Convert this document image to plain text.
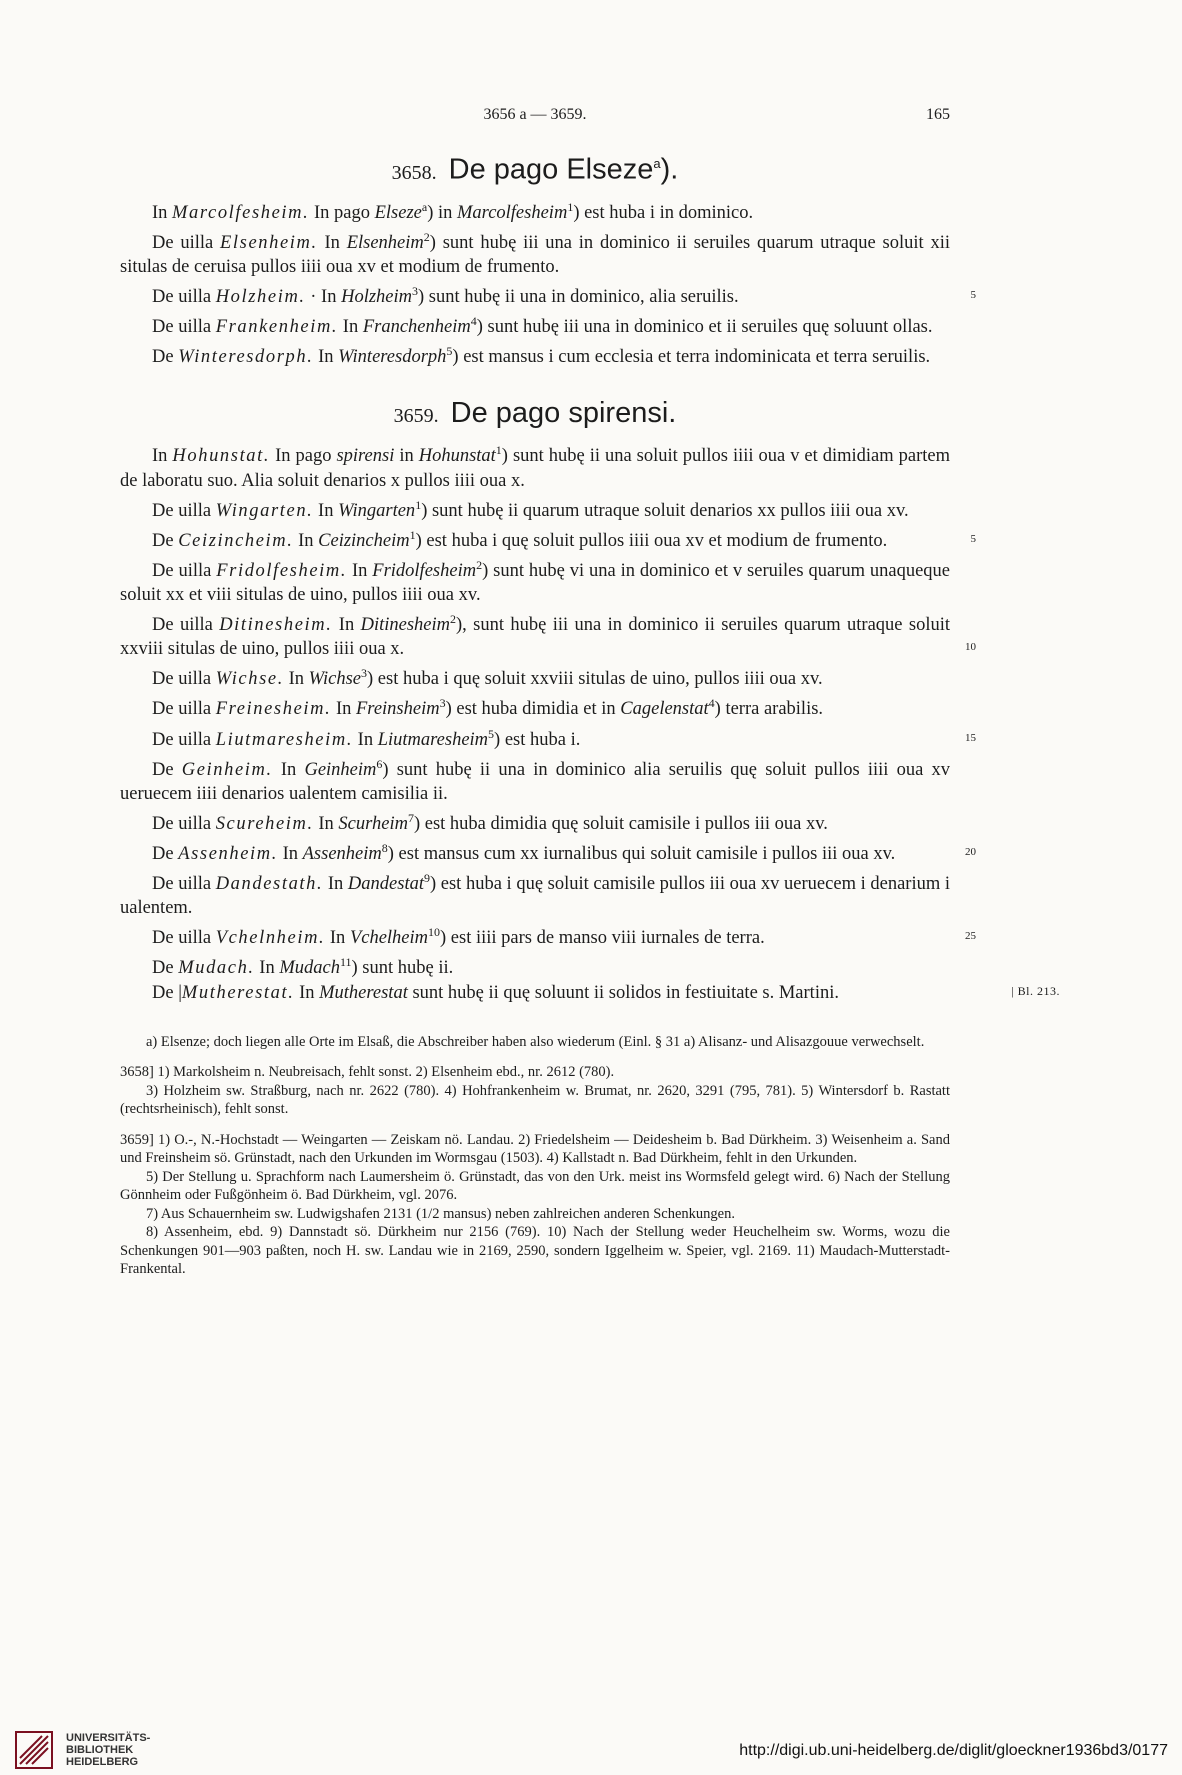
3656 a — 3659.	165
3658. De pago Elseze$^a$).

In Marcolfesheim. In pago Elseze$^a$) in Marcolfesheim$^1$) est huba i in dominico.

De uilla Elsenheim. In Elsenheim$^2$) sunt hubę iii una in dominico ii seruiles quarum utraque soluit xii situlas de ceruisa pullos iiii oua xv et modium de frumento.

De uilla Holzheim. · In Holzheim$^3$) sunt hubę ii una in dominico, alia seruilis.	5

De uilla Frankenheim. In Franchenheim$^4$) sunt hubę iii una in dominico et ii seruiles quę soluunt ollas.

De Winteresdorph. In Winteresdorph$^5$) est mansus i cum ecclesia et terra indominicata et terra seruilis.

3659. De pago spirensi.

In Hohunstat. In pago spirensi in Hohunstat$^1$) sunt hubę ii una soluit pullos iiii oua v et dimidiam partem de laboratu suo. Alia soluit denarios x pullos iiii oua x.

De uilla Wingarten. In Wingarten$^1$) sunt hubę ii quarum utraque soluit denarios xx pullos iiii oua xv.

De Ceizincheim. In Ceizincheim$^1$) est huba i quę soluit pullos iiii oua xv et modium de frumento.	5

De uilla Fridolfesheim. In Fridolfesheim$^2$) sunt hubę vi una in dominico et v seruiles quarum unaqueque soluit xx et viii situlas de uino, pullos iiii oua xv.

De uilla Ditinesheim. In Ditinesheim$^2$), sunt hubę iii una in dominico ii seruiles quarum utraque soluit xxviii situlas de uino, pullos iiii oua x.	10

De uilla Wichse. In Wichse$^3$) est huba i quę soluit xxviii situlas de uino, pullos iiii oua xv.

De uilla Freinesheim. In Freinsheim$^3$) est huba dimidia et in Cagelenstat$^4$) terra arabilis.

De uilla Liutmaresheim. In Liutmaresheim$^5$) est huba i.	15

De Geinheim. In Geinheim$^6$) sunt hubę ii una in dominico alia seruilis quę soluit pullos iiii oua xv ueruecem iiii denarios ualentem camisilia ii.

De uilla Scureheim. In Scurheim$^7$) est huba dimidia quę soluit camisile i pullos iii oua xv.

De Assenheim. In Assenheim$^8$) est mansus cum xx iurnalibus qui soluit camisile i pullos iii oua xv.	20

De uilla Dandestath. In Dandestat$^9$) est huba i quę soluit camisile pullos iii oua xv ueruecem i denarium i ualentem.

De uilla Vchelnheim. In Vchelheim$^{10}$) est iiii pars de manso viii iurnales de terra.	25

De Mudach. In Mudach$^{11}$) sunt hubę ii.

De |Mutherestat. In Mutherestat sunt hubę ii quę soluunt ii solidos in festiuitate s. Martini.	| Bl. 213.

a) Elsenze; doch liegen alle Orte im Elsaß, die Abschreiber haben also wiederum (Einl. § 31 a) Alisanz- und Alisazgouue verwechselt.

3658] 1) Markolsheim n. Neubreisach, fehlt sonst. 2) Elsenheim ebd., nr. 2612 (780).

3) Holzheim sw. Straßburg, nach nr. 2622 (780). 4) Hohfrankenheim w. Brumat, nr. 2620, 3291 (795, 781). 5) Wintersdorf b. Rastatt (rechtsrheinisch), fehlt sonst.

3659] 1) O.-, N.-Hochstadt — Weingarten — Zeiskam nö. Landau. 2) Friedelsheim — Deidesheim b. Bad Dürkheim. 3) Weisenheim a. Sand und Freinsheim sö. Grünstadt, nach den Urkunden im Wormsgau (1503). 4) Kallstadt n. Bad Dürkheim, fehlt in den Urkunden.

5) Der Stellung u. Sprachform nach Laumersheim ö. Grünstadt, das von den Urk. meist ins Wormsfeld gelegt wird. 6) Nach der Stellung Gönnheim oder Fußgönheim ö. Bad Dürkheim, vgl. 2076.

7) Aus Schauernheim sw. Ludwigshafen 2131 (1/2 mansus) neben zahlreichen anderen Schenkungen.

8) Assenheim, ebd. 9) Dannstadt sö. Dürkheim nur 2156 (769). 10) Nach der Stellung weder Heuchelheim sw. Worms, wozu die Schenkungen 901—903 paßten, noch H. sw. Landau wie in 2169, 2590, sondern Iggelheim w. Speier, vgl. 2169. 11) Maudach-Mutterstadt-Frankental.

UNIVERSITÄTS-
BIBLIOTHEK
HEIDELBERG
http://digi.ub.uni-heidelberg.de/diglit/gloeckner1936bd3/0177
